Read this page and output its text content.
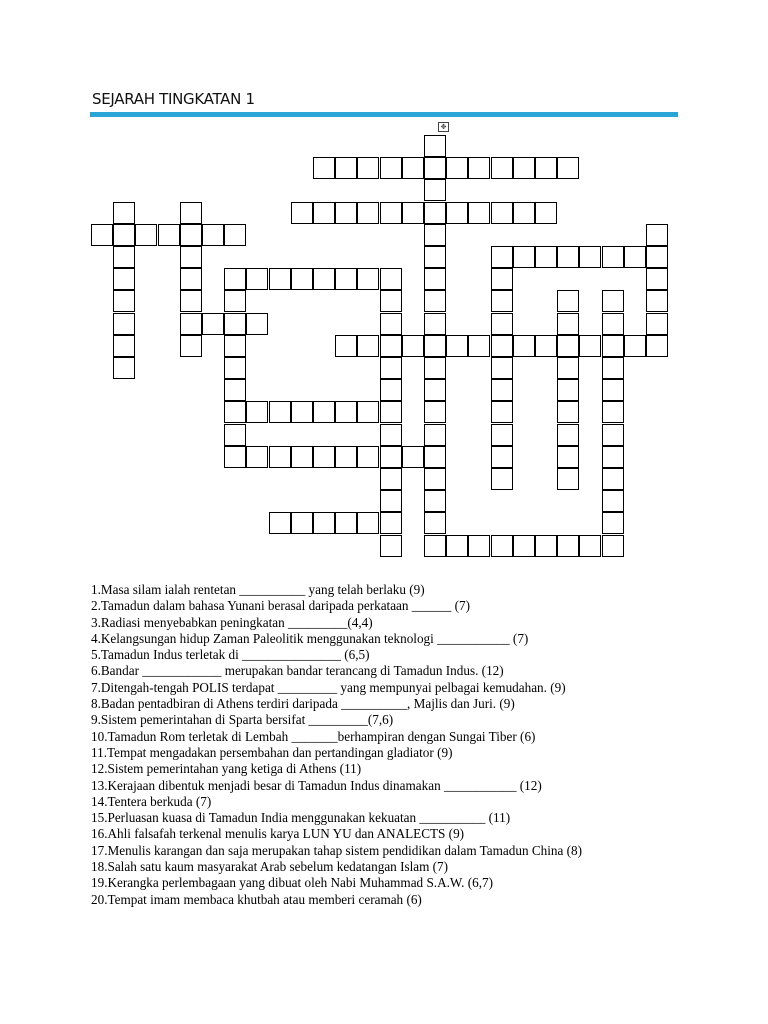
SEJARAH TINGKATAN 1
✥
1.Masa silam ialah rentetan __________ yang telah berlaku (9)
2.Tamadun dalam bahasa Yunani berasal daripada perkataan ______ (7)
3.Radiasi menyebabkan peningkatan _________(4,4)
4.Kelangsungan hidup Zaman Paleolitik menggunakan teknologi ___________ (7)
5.Tamadun Indus terletak di _______________ (6,5)
6.Bandar ____________ merupakan bandar terancang di Tamadun Indus. (12)
7.Ditengah-tengah POLIS terdapat _________ yang mempunyai pelbagai kemudahan. (9)
8.Badan pentadbiran di Athens terdiri daripada __________, Majlis dan Juri. (9)
9.Sistem pemerintahan di Sparta bersifat _________(7,6)
10.Tamadun Rom terletak di Lembah _______berhampiran dengan Sungai Tiber (6)
11.Tempat mengadakan persembahan dan pertandingan gladiator (9)
12.Sistem pemerintahan yang ketiga di Athens (11)
13.Kerajaan dibentuk menjadi besar di Tamadun Indus dinamakan ___________ (12)
14.Tentera berkuda (7)
15.Perluasan kuasa di Tamadun India menggunakan kekuatan __________ (11)
16.Ahli falsafah terkenal menulis karya LUN YU dan ANALECTS (9)
17.Menulis karangan dan saja merupakan tahap sistem pendidikan dalam Tamadun China (8)
18.Salah satu kaum masyarakat Arab sebelum kedatangan Islam (7)
19.Kerangka perlembagaan yang dibuat oleh Nabi Muhammad S.A.W. (6,7)
20.Tempat imam membaca khutbah atau memberi ceramah (6)
